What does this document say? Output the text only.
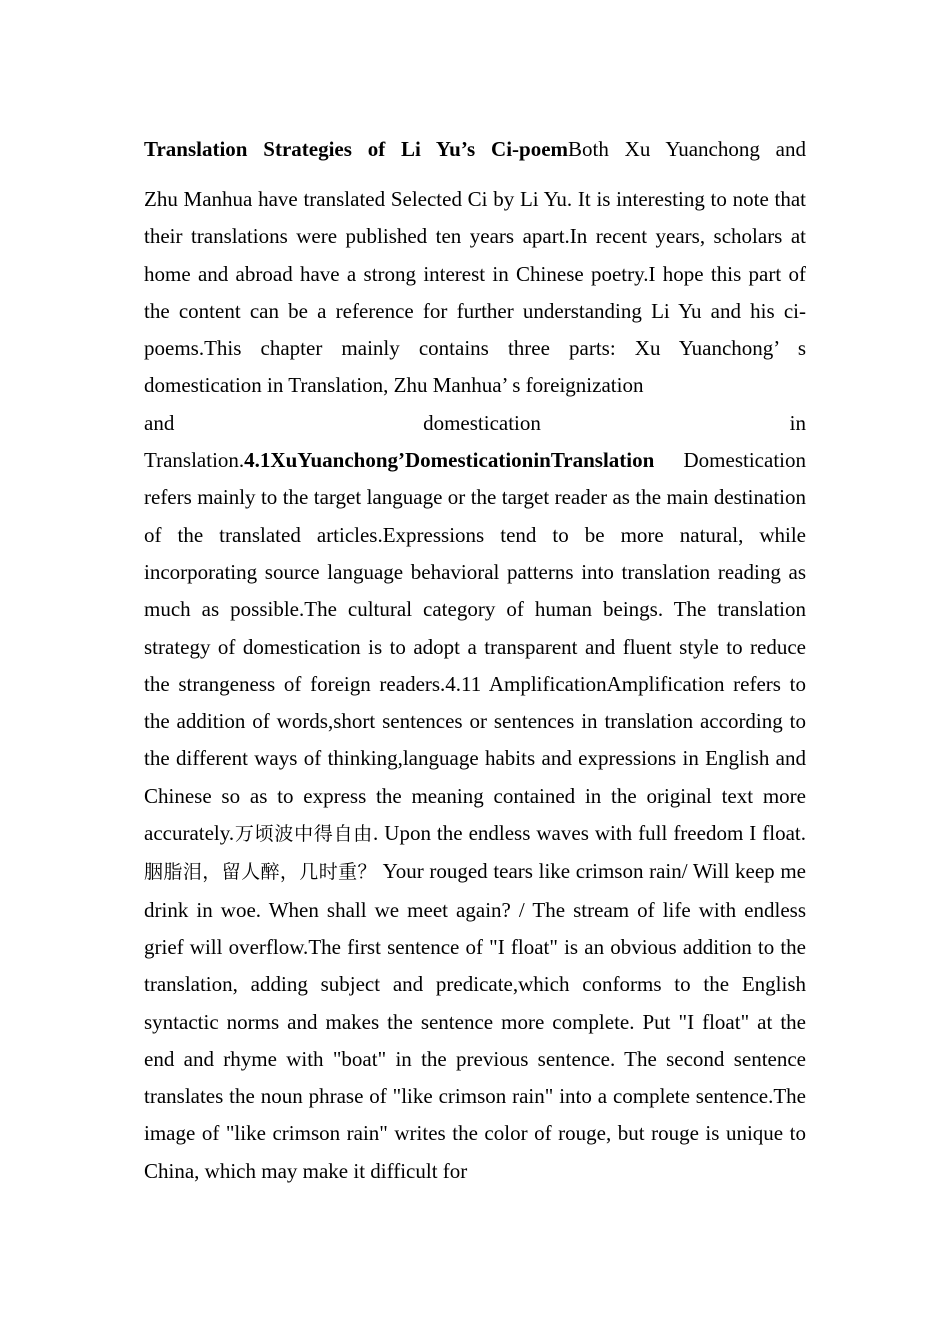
Translation Strategies of Li Yu’s Ci-poemBoth Xu Yuanchong and
Zhu Manhua have translated Selected Ci by Li Yu. It is interesting to note that their translations were published ten years apart.In recent years, scholars at home and abroad have a strong interest in Chinese poetry.I hope this part of the content can be a reference for further understanding Li Yu and his ci-poems.This chapter mainly contains three parts: Xu Yuanchong’ s domestication in Translation, Zhu Manhua’ s foreignization
and	domestication	in
Translation.4.1XuYuanchong’DomesticationinTranslation Domestication refers mainly to the target language or the target reader as the main destination of the translated articles.Expressions tend to be more natural, while incorporating source language behavioral patterns into translation reading as much as possible.The cultural category of human beings. The translation strategy of domestication is to adopt a transparent and fluent style to reduce the strangeness of foreign readers.4.11 AmplificationAmplification refers to the addition of words,short sentences or sentences in translation according to the different ways of thinking,language habits and expressions in English and Chinese so as to express the meaning contained in the original text more accurately.万顷波中得自由. Upon the endless waves with full freedom I float.胭脂泪，留人醉，几时重？ Your rouged tears like crimson rain/ Will keep me drink in woe. When shall we meet again? / The stream of life with endless grief will overflow.The first sentence of "I float" is an obvious addition to the translation, adding subject and predicate,which conforms to the English syntactic norms and makes the sentence more complete. Put "I float" at the end and rhyme with "boat" in the previous sentence. The second sentence translates the noun phrase of "like crimson rain" into a complete sentence.The image of "like crimson rain" writes the color of rouge, but rouge is unique to China, which may make it difficult for
